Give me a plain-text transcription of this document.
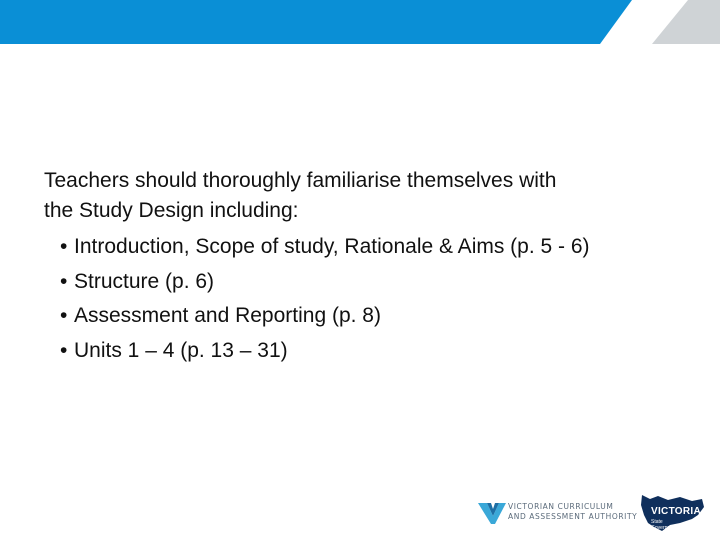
Teachers should thoroughly familiarise themselves with
the Study Design including:
• Introduction, Scope of study, Rationale & Aims (p. 5 - 6)
• Structure (p. 6)
• Assessment and Reporting (p. 8)
• Units 1 – 4 (p. 13 – 31)
VICTORIAN CURRICULUM
AND ASSESSMENT AUTHORITY VICTORIA
State Government
